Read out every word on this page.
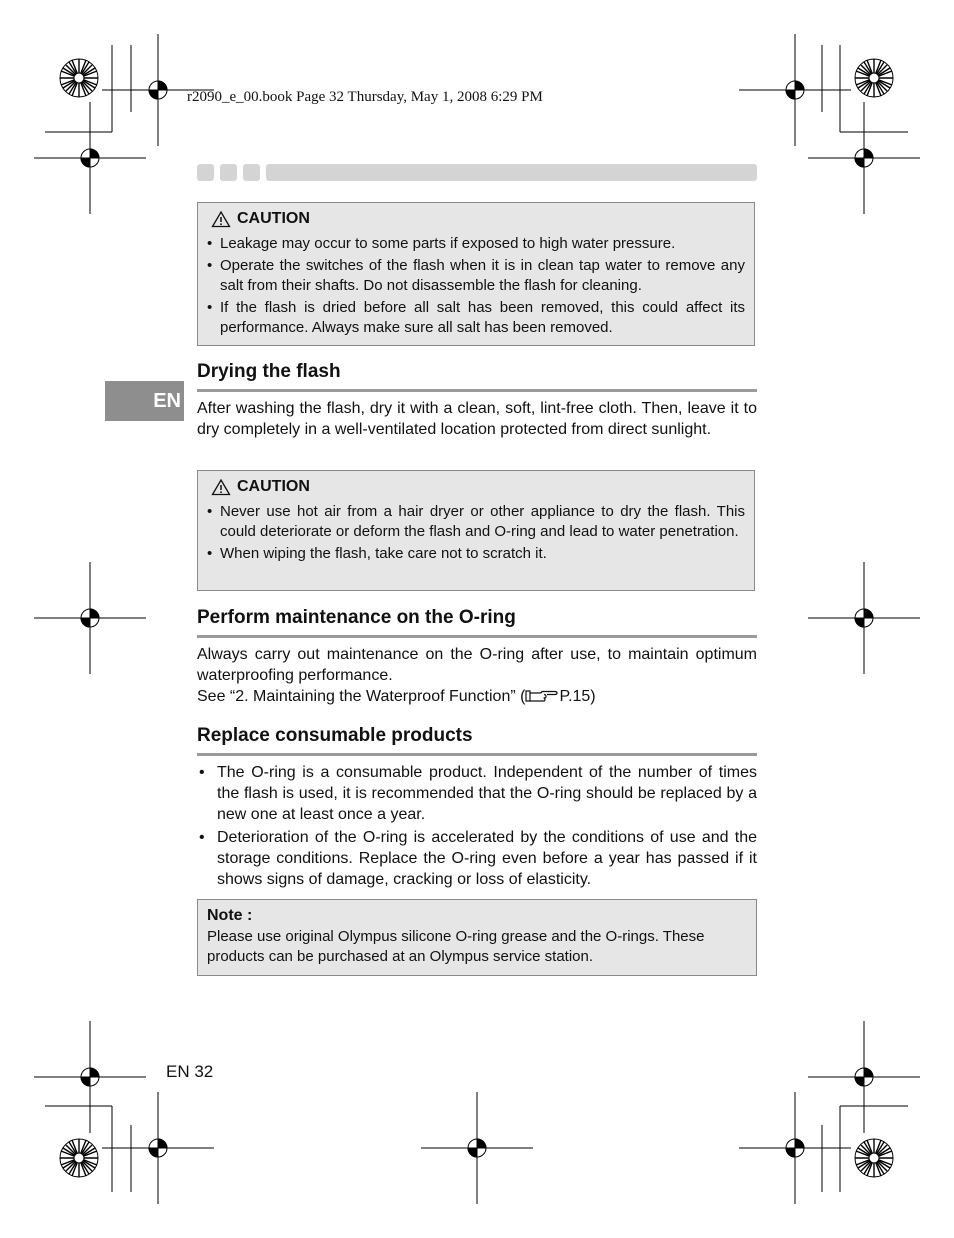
r2090_e_00.book Page 32 Thursday, May 1, 2008 6:29 PM
CAUTION
• Leakage may occur to some parts if exposed to high water pressure.
• Operate the switches of the flash when it is in clean tap water to remove any salt from their shafts. Do not disassemble the flash for cleaning.
• If the flash is dried before all salt has been removed, this could affect its performance. Always make sure all salt has been removed.
EN
Drying the flash
After washing the flash, dry it with a clean, soft, lint-free cloth. Then, leave it to dry completely in a well-ventilated location protected from direct sunlight.
CAUTION
• Never use hot air from a hair dryer or other appliance to dry the flash. This could deteriorate or deform the flash and O-ring and lead to water penetration.
• When wiping the flash, take care not to scratch it.
Perform maintenance on the O-ring
Always carry out maintenance on the O-ring after use, to maintain optimum waterproofing performance.
See “2. Maintaining the Waterproof Function” ( P.15)
Replace consumable products
• The O-ring is a consumable product. Independent of the number of times the flash is used, it is recommended that the O-ring should be replaced by a new one at least once a year.
• Deterioration of the O-ring is accelerated by the conditions of use and the storage conditions. Replace the O-ring even before a year has passed if it shows signs of damage, cracking or loss of elasticity.
Note :
Please use original Olympus silicone O-ring grease and the O-rings. These products can be purchased at an Olympus service station.
EN 32
